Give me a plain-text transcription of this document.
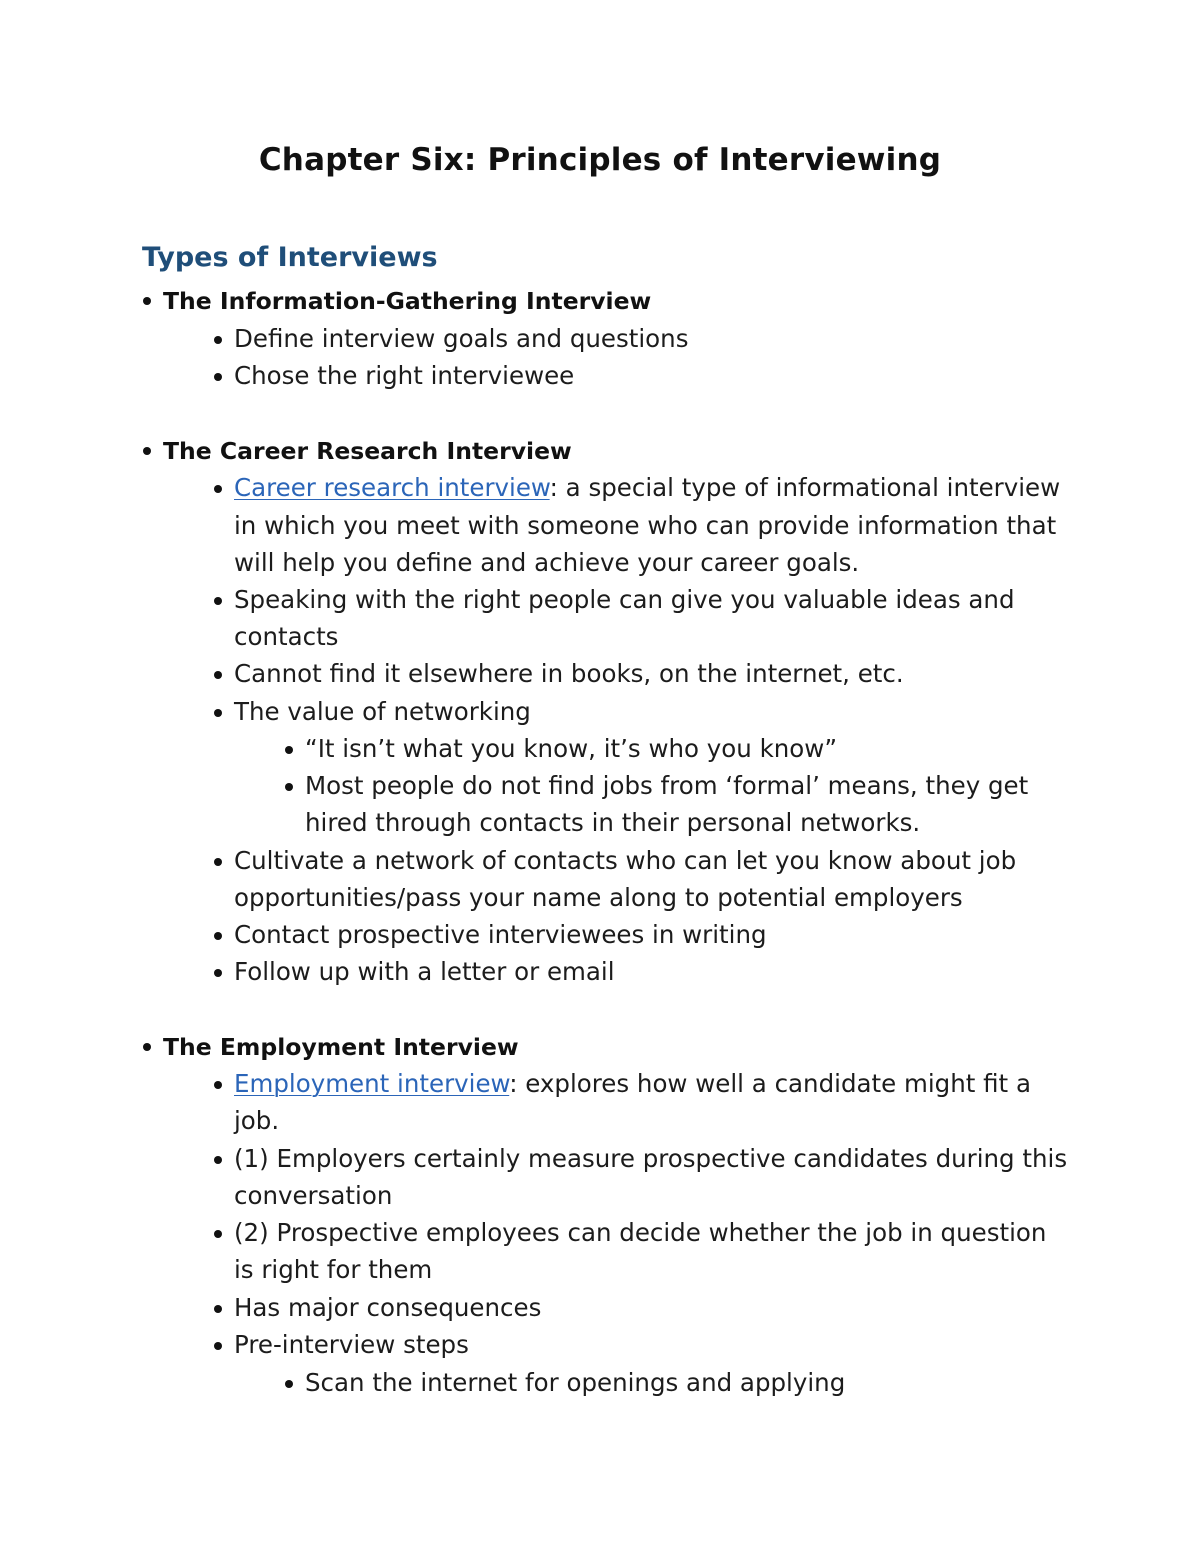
Chapter Six: Principles of Interviewing
Types of Interviews
The Information-Gathering Interview
Define interview goals and questions
Chose the right interviewee
The Career Research Interview
Career research interview: a special type of informational interview
in which you meet with someone who can provide information that
will help you define and achieve your career goals.
Speaking with the right people can give you valuable ideas and
contacts
Cannot find it elsewhere in books, on the internet, etc.
The value of networking
“It isn’t what you know, it’s who you know”
Most people do not find jobs from ‘formal’ means, they get
hired through contacts in their personal networks.
Cultivate a network of contacts who can let you know about job
opportunities/pass your name along to potential employers
Contact prospective interviewees in writing
Follow up with a letter or email
The Employment Interview
Employment interview: explores how well a candidate might fit a
job.
(1) Employers certainly measure prospective candidates during this
conversation
(2) Prospective employees can decide whether the job in question
is right for them
Has major consequences
Pre-interview steps
Scan the internet for openings and applying
